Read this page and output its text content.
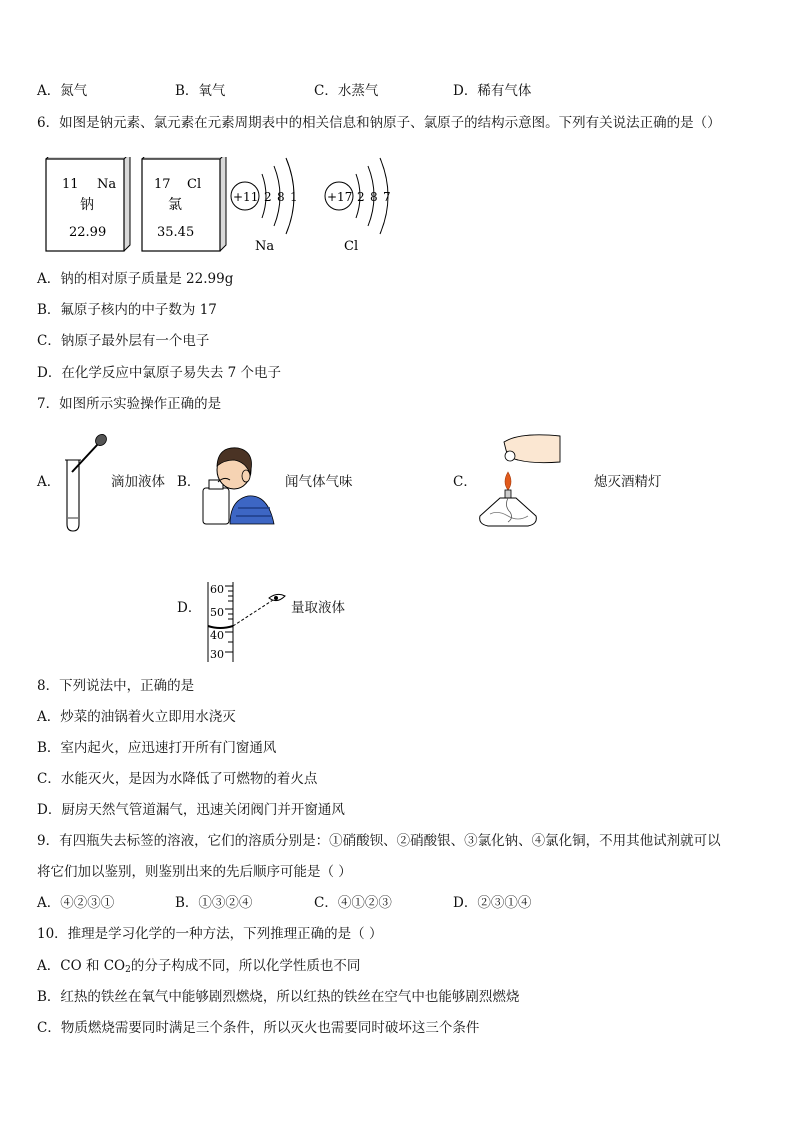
A．氮气	B．氧气	C．水蒸气	D．稀有气体
6．如图是钠元素、氯元素在元素周期表中的相关信息和钠原子、氯原子的结构示意图。下列有关说法正确的是（）
11 Na
钠
22.99
17 Cl
氯
35.45
+11 2 8 1
Na
+17 2 8 7
Cl
A．钠的相对原子质量是 22.99g
B．氟原子核内的中子数为 17
C．钠原子最外层有一个电子
D．在化学反应中氯原子易失去 7 个电子
7．如图所示实验操作正确的是
A．	滴加液体 B．	闻气体气味	C．	熄灭酒精灯
D．
60
50
40
30
量取液体
8．下列说法中，正确的是
A．炒菜的油锅着火立即用水浇灭
B．室内起火，应迅速打开所有门窗通风
C．水能灭火，是因为水降低了可燃物的着火点
D．厨房天然气管道漏气，迅速关闭阀门并开窗通风
9．有四瓶失去标签的溶液，它们的溶质分别是：①硝酸钡、②硝酸银、③氯化钠、④氯化铜，不用其他试剂就可以
将它们加以鉴别，则鉴别出来的先后顺序可能是（ ）
A．④②③①	B．①③②④	C．④①②③	D．②③①④
10．推理是学习化学的一种方法，下列推理正确的是（ ）
A．CO 和 $CO_2$的分子构成不同，所以化学性质也不同
B．红热的铁丝在氧气中能够剧烈燃烧，所以红热的铁丝在空气中也能够剧烈燃烧
C．物质燃烧需要同时满足三个条件，所以灭火也需要同时破坏这三个条件
